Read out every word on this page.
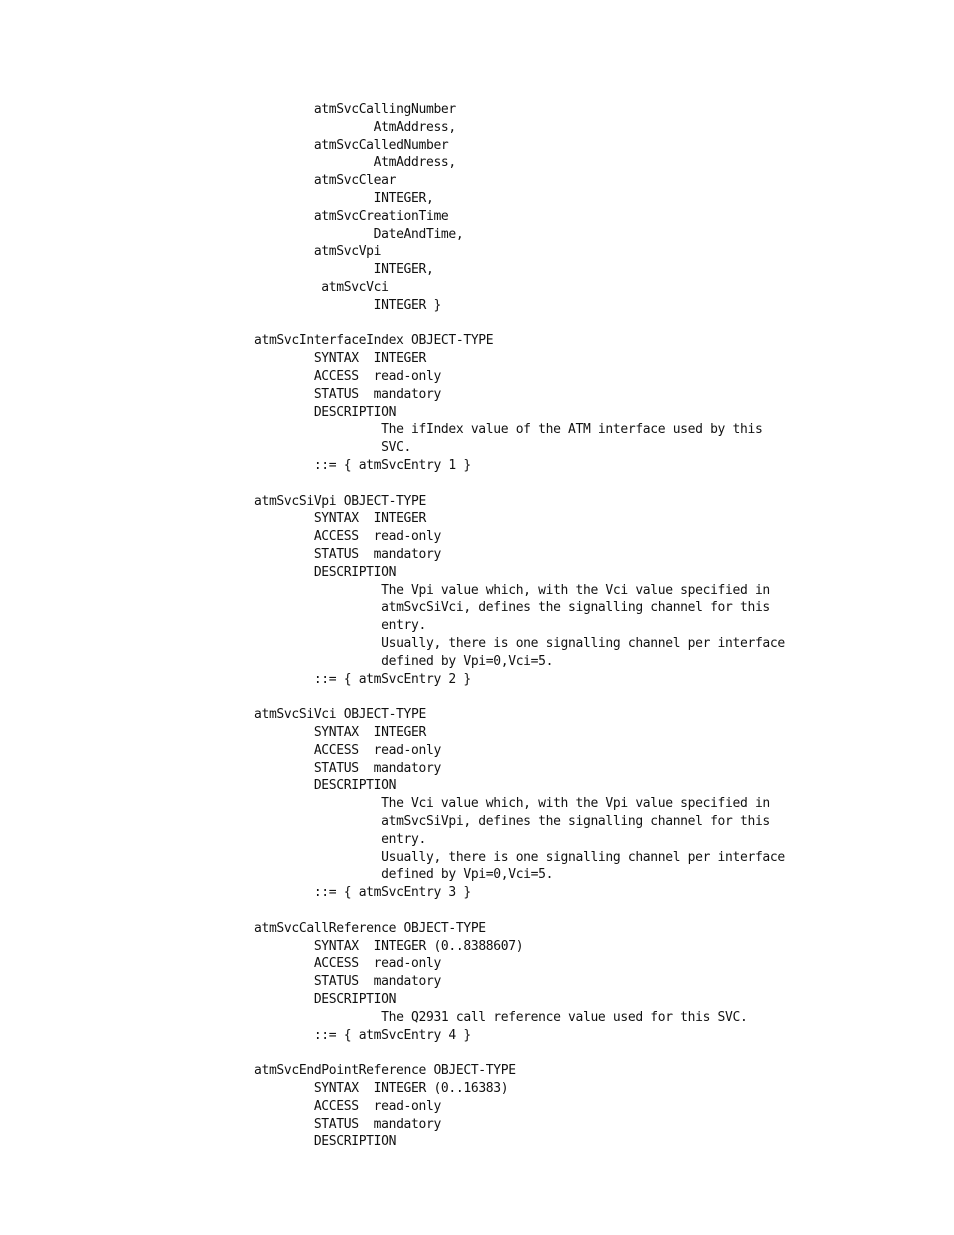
atmSvcCallingNumber
AtmAddress,
atmSvcCalledNumber
AtmAddress,
atmSvcClear
INTEGER,
atmSvcCreationTime
DateAndTime,
atmSvcVpi
INTEGER,
atmSvcVci
INTEGER }
atmSvcInterfaceIndex OBJECT-TYPE
SYNTAX  INTEGER
ACCESS  read-only
STATUS  mandatory
DESCRIPTION
The ifIndex value of the ATM interface used by this
SVC.
::= { atmSvcEntry 1 }
atmSvcSiVpi OBJECT-TYPE
SYNTAX  INTEGER
ACCESS  read-only
STATUS  mandatory
DESCRIPTION
The Vpi value which, with the Vci value specified in
atmSvcSiVci, defines the signalling channel for this
entry.
Usually, there is one signalling channel per interface
defined by Vpi=0,Vci=5.
::= { atmSvcEntry 2 }
atmSvcSiVci OBJECT-TYPE
SYNTAX  INTEGER
ACCESS  read-only
STATUS  mandatory
DESCRIPTION
The Vci value which, with the Vpi value specified in
atmSvcSiVpi, defines the signalling channel for this
entry.
Usually, there is one signalling channel per interface
defined by Vpi=0,Vci=5.
::= { atmSvcEntry 3 }
atmSvcCallReference OBJECT-TYPE
SYNTAX  INTEGER (0..8388607)
ACCESS  read-only
STATUS  mandatory
DESCRIPTION
The Q2931 call reference value used for this SVC.
::= { atmSvcEntry 4 }
atmSvcEndPointReference OBJECT-TYPE
SYNTAX  INTEGER (0..16383)
ACCESS  read-only
STATUS  mandatory
DESCRIPTION
